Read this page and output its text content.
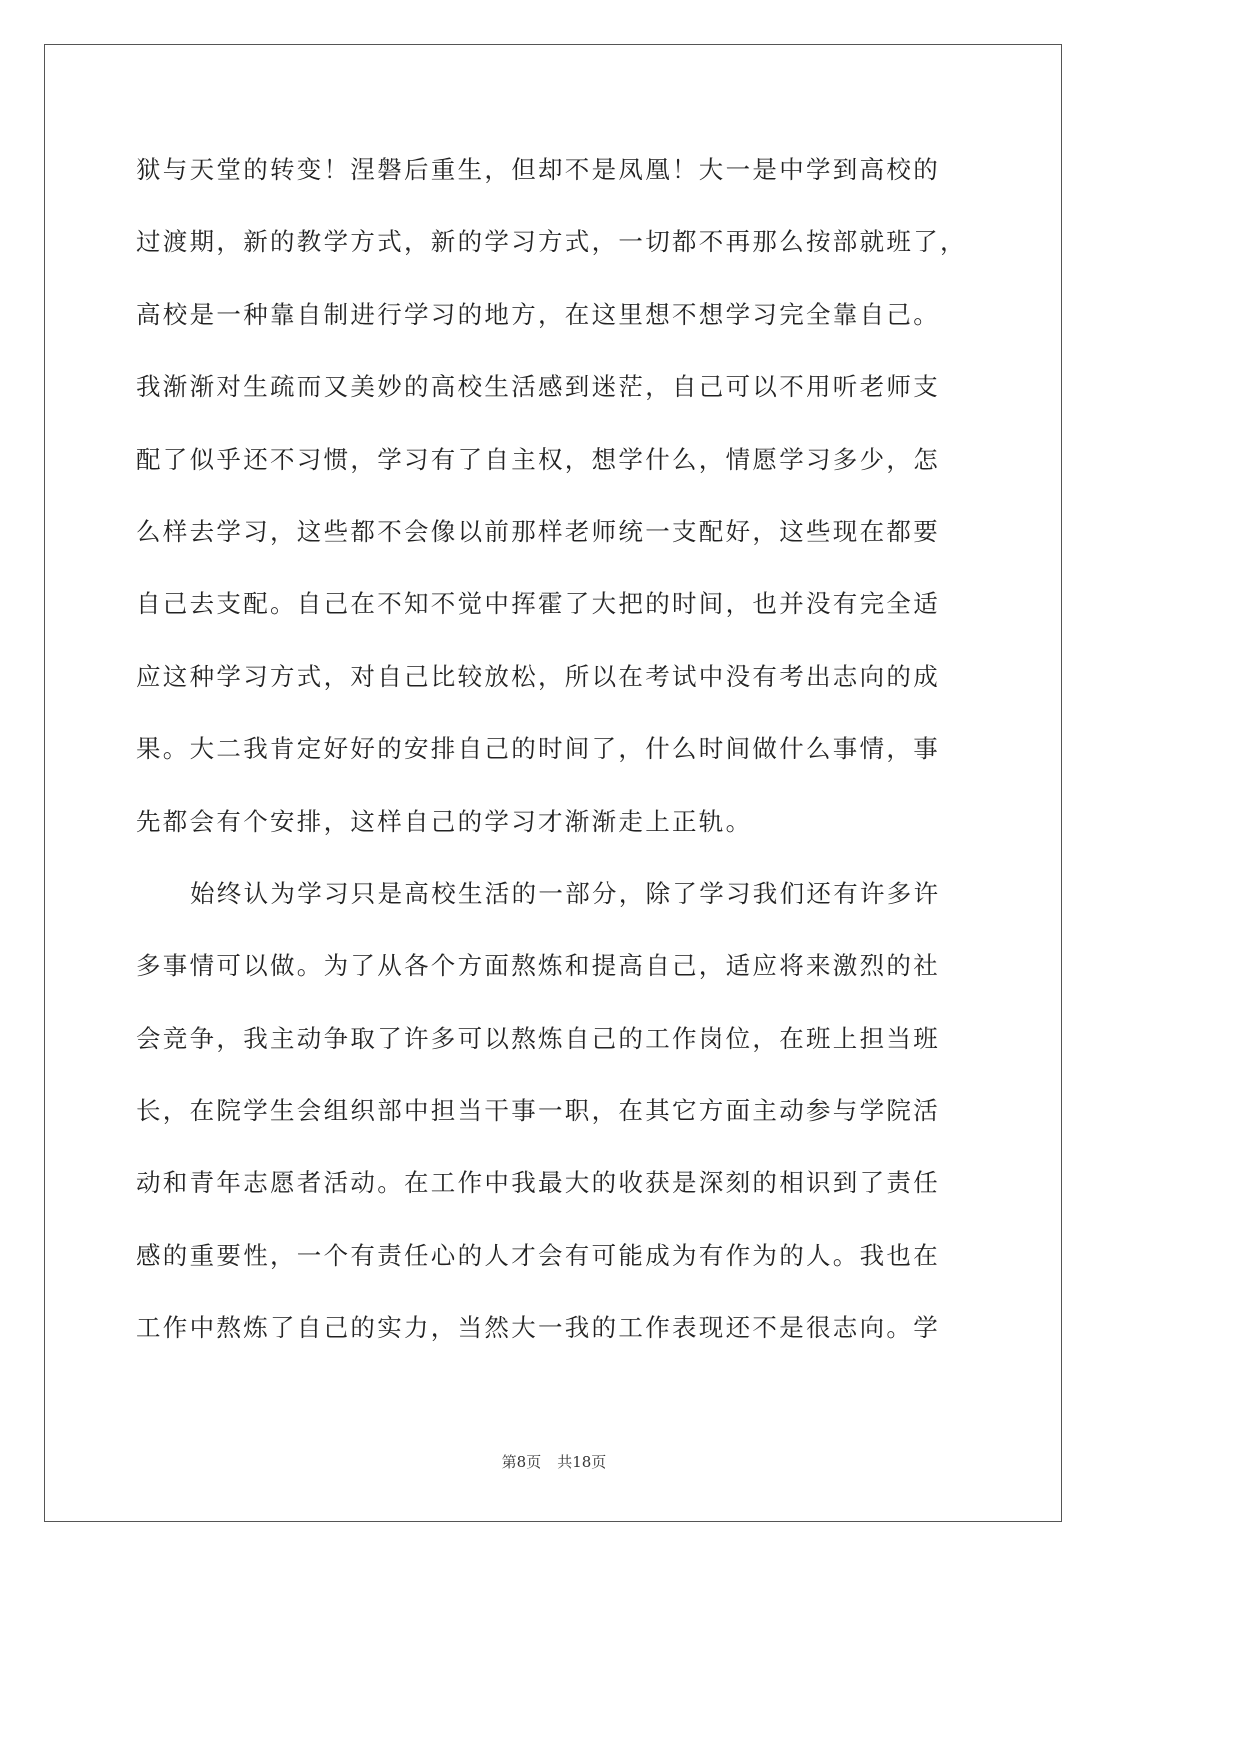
狱与天堂的转变！涅磐后重生，但却不是凤凰！大一是中学到高校的
过渡期，新的教学方式，新的学习方式，一切都不再那么按部就班了，
高校是一种靠自制进行学习的地方，在这里想不想学习完全靠自己。
我渐渐对生疏而又美妙的高校生活感到迷茫，自己可以不用听老师支
配了似乎还不习惯，学习有了自主权，想学什么，情愿学习多少，怎
么样去学习，这些都不会像以前那样老师统一支配好，这些现在都要
自己去支配。自己在不知不觉中挥霍了大把的时间，也并没有完全适
应这种学习方式，对自己比较放松，所以在考试中没有考出志向的成
果。大二我肯定好好的安排自己的时间了，什么时间做什么事情，事
先都会有个安排，这样自己的学习才渐渐走上正轨。
始终认为学习只是高校生活的一部分，除了学习我们还有许多许
多事情可以做。为了从各个方面熬炼和提高自己，适应将来激烈的社
会竞争，我主动争取了许多可以熬炼自己的工作岗位，在班上担当班
长，在院学生会组织部中担当干事一职，在其它方面主动参与学院活
动和青年志愿者活动。在工作中我最大的收获是深刻的相识到了责任
感的重要性，一个有责任心的人才会有可能成为有作为的人。我也在
工作中熬炼了自己的实力，当然大一我的工作表现还不是很志向。学
第8页 共18页
